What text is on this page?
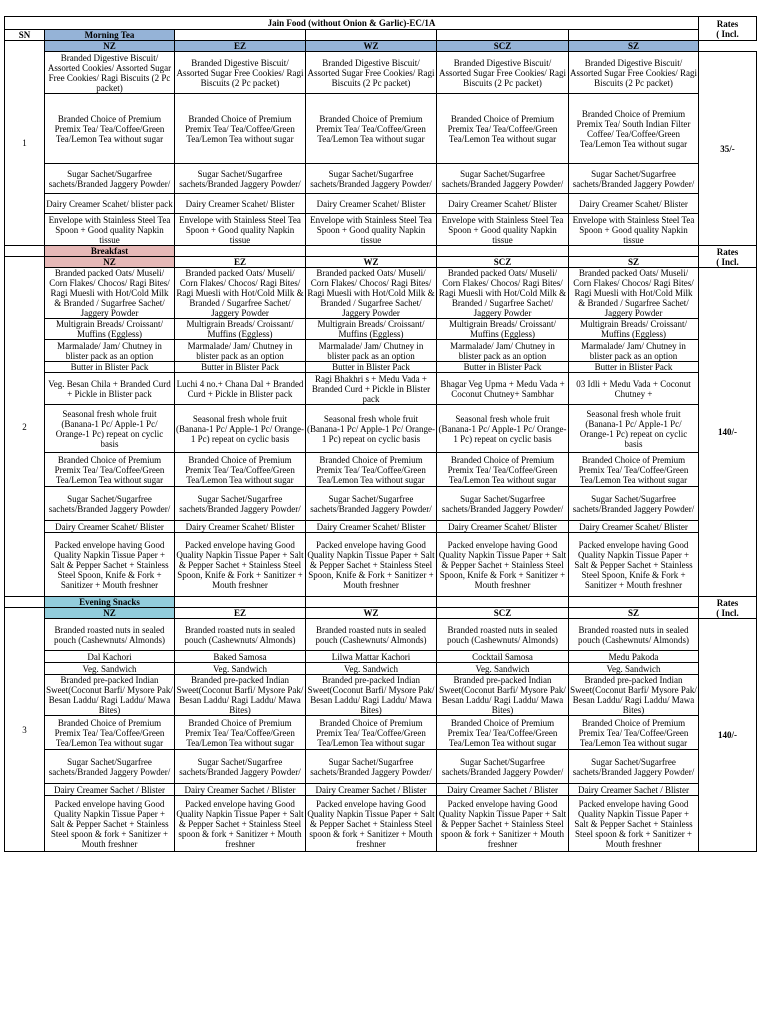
Jain Food (without Onion & Garlic)-EC/1A						Rates
( Incl.
SN	Morning Tea					
1	NZ	EZ	WZ	SCZ	SZ	
	Branded Digestive Biscuit/ Assorted Cookies/ Assorted Sugar Free Cookies/ Ragi Biscuits (2 Pc packet)	Branded Digestive Biscuit/ Assorted Sugar Free Cookies/ Ragi Biscuits (2 Pc packet)	Branded Digestive Biscuit/ Assorted Sugar Free Cookies/ Ragi Biscuits (2 Pc packet)	Branded Digestive Biscuit/ Assorted Sugar Free Cookies/ Ragi Biscuits (2 Pc packet)	Branded Digestive Biscuit/ Assorted Sugar Free Cookies/ Ragi Biscuits (2 Pc packet)	35/-
	Branded Choice of Premium Premix Tea/ Tea/Coffee/Green Tea/Lemon Tea without sugar	Branded Choice of Premium Premix Tea/ Tea/Coffee/Green Tea/Lemon Tea without sugar	Branded Choice of Premium Premix Tea/ Tea/Coffee/Green Tea/Lemon Tea without sugar	Branded Choice of Premium Premix Tea/ Tea/Coffee/Green Tea/Lemon Tea without sugar	Branded Choice of Premium Premix Tea/ South Indian Filter Coffee/ Tea/Coffee/Green Tea/Lemon Tea without sugar	
	Sugar Sachet/Sugarfree sachets/Branded Jaggery Powder/	Sugar Sachet/Sugarfree sachets/Branded Jaggery Powder/	Sugar Sachet/Sugarfree sachets/Branded Jaggery Powder/	Sugar Sachet/Sugarfree sachets/Branded Jaggery Powder/	Sugar Sachet/Sugarfree sachets/Branded Jaggery Powder/	
	Dairy Creamer Scahet/ blister pack	Dairy Creamer Scahet/ Blister	Dairy Creamer Scahet/ Blister	Dairy Creamer Scahet/ Blister	Dairy Creamer Scahet/ Blister	
	Envelope with Stainless Steel Tea Spoon + Good quality Napkin tissue	Envelope with Stainless Steel Tea Spoon + Good quality Napkin tissue	Envelope with Stainless Steel Tea Spoon + Good quality Napkin tissue	Envelope with Stainless Steel Tea Spoon + Good quality Napkin tissue	Envelope with Stainless Steel Tea Spoon + Good quality Napkin tissue	
	Breakfast					Rates
( Incl.
2	NZ	EZ	WZ	SCZ	SZ	
	Branded packed Oats/ Museli/ Corn Flakes/ Chocos/ Ragi Bites/ Ragi Muesli with Hot/Cold Milk & Branded / Sugarfree Sachet/ Jaggery Powder	Branded packed Oats/ Museli/ Corn Flakes/ Chocos/ Ragi Bites/ Ragi Muesli with Hot/Cold Milk & Branded / Sugarfree Sachet/ Jaggery Powder	Branded packed Oats/ Museli/ Corn Flakes/ Chocos/ Ragi Bites/ Ragi Muesli with Hot/Cold Milk & Branded / Sugarfree Sachet/ Jaggery Powder	Branded packed Oats/ Museli/ Corn Flakes/ Chocos/ Ragi Bites/ Ragi Muesli with Hot/Cold Milk & Branded / Sugarfree Sachet/ Jaggery Powder	Branded packed Oats/ Museli/ Corn Flakes/ Chocos/ Ragi Bites/ Ragi Muesli with Hot/Cold Milk & Branded / Sugarfree Sachet/ Jaggery Powder	140/-
	Multigrain Breads/ Croissant/ Muffins (Eggless)	Multigrain Breads/ Croissant/ Muffins (Eggless)	Multigrain Breads/ Croissant/ Muffins (Eggless)	Multigrain Breads/ Croissant/ Muffins (Eggless)	Multigrain Breads/ Croissant/ Muffins (Eggless)	
	Marmalade/ Jam/ Chutney in blister pack as an option	Marmalade/ Jam/ Chutney in blister pack as an option	Marmalade/ Jam/ Chutney in blister pack as an option	Marmalade/ Jam/ Chutney in blister pack as an option	Marmalade/ Jam/ Chutney in blister pack as an option	
	Butter in Blister Pack	Butter in Blister Pack	Butter in Blister Pack	Butter in Blister Pack	Butter in Blister Pack	
	Veg. Besan Chila + Branded Curd + Pickle in Blister pack	Luchi 4 no.+ Chana Dal + Branded Curd + Pickle in Blister pack	Ragi Bhakhri s + Medu Vada + Branded Curd + Pickle in Blister pack	Bhagar Veg Upma + Medu Vada + Coconut Chutney+ Sambhar	03 Idli + Medu Vada + Coconut Chutney +	
	Seasonal fresh whole fruit (Banana-1 Pc/ Apple-1 Pc/ Orange-1 Pc) repeat on cyclic basis	Seasonal fresh whole fruit (Banana-1 Pc/ Apple-1 Pc/ Orange-1 Pc) repeat on cyclic basis	Seasonal fresh whole fruit (Banana-1 Pc/ Apple-1 Pc/ Orange-1 Pc) repeat on cyclic basis	Seasonal fresh whole fruit (Banana-1 Pc/ Apple-1 Pc/ Orange-1 Pc) repeat on cyclic basis	Seasonal fresh whole fruit (Banana-1 Pc/ Apple-1 Pc/ Orange-1 Pc) repeat on cyclic basis	
	Branded Choice of Premium Premix Tea/ Tea/Coffee/Green Tea/Lemon Tea without sugar	Branded Choice of Premium Premix Tea/ Tea/Coffee/Green Tea/Lemon Tea without sugar	Branded Choice of Premium Premix Tea/ Tea/Coffee/Green Tea/Lemon Tea without sugar	Branded Choice of Premium Premix Tea/ Tea/Coffee/Green Tea/Lemon Tea without sugar	Branded Choice of Premium Premix Tea/ Tea/Coffee/Green Tea/Lemon Tea without sugar	
	Sugar Sachet/Sugarfree sachets/Branded Jaggery Powder/	Sugar Sachet/Sugarfree sachets/Branded Jaggery Powder/	Sugar Sachet/Sugarfree sachets/Branded Jaggery Powder/	Sugar Sachet/Sugarfree sachets/Branded Jaggery Powder/	Sugar Sachet/Sugarfree sachets/Branded Jaggery Powder/	
	Dairy Creamer Scahet/ Blister	Dairy Creamer Scahet/ Blister	Dairy Creamer Scahet/ Blister	Dairy Creamer Scahet/ Blister	Dairy Creamer Scahet/ Blister	
	Packed envelope having Good Quality Napkin Tissue Paper + Salt & Pepper Sachet + Stainless Steel Spoon, Knife & Fork + Sanitizer + Mouth freshner	Packed envelope having Good Quality Napkin Tissue Paper + Salt & Pepper Sachet + Stainless Steel Spoon, Knife & Fork + Sanitizer + Mouth freshner	Packed envelope having Good Quality Napkin Tissue Paper + Salt & Pepper Sachet + Stainless Steel Spoon, Knife & Fork + Sanitizer + Mouth freshner	Packed envelope having Good Quality Napkin Tissue Paper + Salt & Pepper Sachet + Stainless Steel Spoon, Knife & Fork + Sanitizer + Mouth freshner	Packed envelope having Good Quality Napkin Tissue Paper + Salt & Pepper Sachet + Stainless Steel Spoon, Knife & Fork + Sanitizer + Mouth freshner	
	Evening Snacks					Rates
( Incl.
3	NZ	EZ	WZ	SCZ	SZ	
	Branded roasted nuts in sealed pouch (Cashewnuts/ Almonds)	Branded roasted nuts in sealed pouch (Cashewnuts/ Almonds)	Branded roasted nuts in sealed pouch (Cashewnuts/ Almonds)	Branded roasted nuts in sealed pouch (Cashewnuts/ Almonds)	Branded roasted nuts in sealed pouch (Cashewnuts/ Almonds)	140/-
	Dal Kachori	Baked Samosa	Lilwa Mattar Kachori	Cocktail Samosa	Medu Pakoda	
	Veg. Sandwich	Veg. Sandwich	Veg. Sandwich	Veg. Sandwich	Veg. Sandwich	
	Branded pre-packed Indian Sweet(Coconut Barfi/ Mysore Pak/ Besan Laddu/ Ragi Laddu/ Mawa Bites)	Branded pre-packed Indian Sweet(Coconut Barfi/ Mysore Pak/ Besan Laddu/ Ragi Laddu/ Mawa Bites)	Branded pre-packed Indian Sweet(Coconut Barfi/ Mysore Pak/ Besan Laddu/ Ragi Laddu/ Mawa Bites)	Branded pre-packed Indian Sweet(Coconut Barfi/ Mysore Pak/ Besan Laddu/ Ragi Laddu/ Mawa Bites)	Branded pre-packed Indian Sweet(Coconut Barfi/ Mysore Pak/ Besan Laddu/ Ragi Laddu/ Mawa Bites)	
	Branded Choice of Premium Premix Tea/ Tea/Coffee/Green Tea/Lemon Tea without sugar	Branded Choice of Premium Premix Tea/ Tea/Coffee/Green Tea/Lemon Tea without sugar	Branded Choice of Premium Premix Tea/ Tea/Coffee/Green Tea/Lemon Tea without sugar	Branded Choice of Premium Premix Tea/ Tea/Coffee/Green Tea/Lemon Tea without sugar	Branded Choice of Premium Premix Tea/ Tea/Coffee/Green Tea/Lemon Tea without sugar	
	Sugar Sachet/Sugarfree sachets/Branded Jaggery Powder/	Sugar Sachet/Sugarfree sachets/Branded Jaggery Powder/	Sugar Sachet/Sugarfree sachets/Branded Jaggery Powder/	Sugar Sachet/Sugarfree sachets/Branded Jaggery Powder/	Sugar Sachet/Sugarfree sachets/Branded Jaggery Powder/	
	Dairy Creamer Sachet / Blister	Dairy Creamer Sachet / Blister	Dairy Creamer Sachet / Blister	Dairy Creamer Sachet / Blister	Dairy Creamer Sachet / Blister	
	Packed envelope having Good Quality Napkin Tissue Paper + Salt & Pepper Sachet + Stainless Steel spoon & fork + Sanitizer + Mouth freshner	Packed envelope having Good Quality Napkin Tissue Paper + Salt & Pepper Sachet + Stainless Steel spoon & fork + Sanitizer + Mouth freshner	Packed envelope having Good Quality Napkin Tissue Paper + Salt & Pepper Sachet + Stainless Steel spoon & fork + Sanitizer + Mouth freshner	Packed envelope having Good Quality Napkin Tissue Paper + Salt & Pepper Sachet + Stainless Steel spoon & fork + Sanitizer + Mouth freshner	Packed envelope having Good Quality Napkin Tissue Paper + Salt & Pepper Sachet + Stainless Steel spoon & fork + Sanitizer + Mouth freshner	
